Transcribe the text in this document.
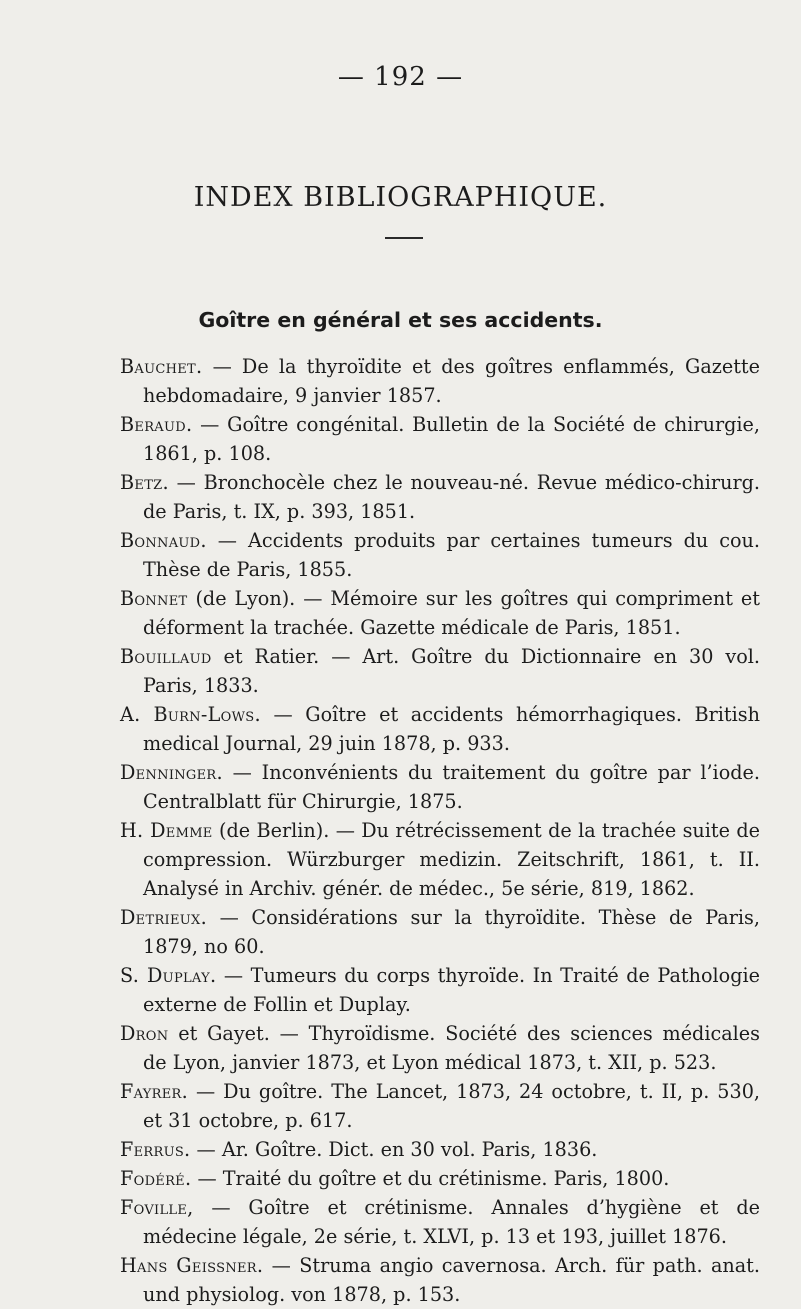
— 192 —
INDEX BIBLIOGRAPHIQUE.
Goître en général et ses accidents.
Bauchet. — De la thyroïdite et des goîtres enflammés, Gazette hebdomadaire, 9 janvier 1857.
Beraud. — Goître congénital. Bulletin de la Société de chirurgie, 1861, p. 108.
Betz. — Bronchocèle chez le nouveau-né. Revue médico-chirurg. de Paris, t. IX, p. 393, 1851.
Bonnaud. — Accidents produits par certaines tumeurs du cou. Thèse de Paris, 1855.
Bonnet (de Lyon). — Mémoire sur les goîtres qui compriment et déforment la trachée. Gazette médicale de Paris, 1851.
Bouillaud et Ratier. — Art. Goître du Dictionnaire en 30 vol. Paris, 1833.
A. Burn-Lows. — Goître et accidents hémorrhagiques. British medical Journal, 29 juin 1878, p. 933.
Denninger. — Inconvénients du traitement du goître par l’iode. Centralblatt für Chirurgie, 1875.
H. Demme (de Berlin). — Du rétrécissement de la trachée suite de compression. Würzburger medizin. Zeitschrift, 1861, t. II. Analysé in Archiv. génér. de médec., 5e série, 819, 1862.
Detrieux. — Considérations sur la thyroïdite. Thèse de Paris, 1879, no 60.
S. Duplay. — Tumeurs du corps thyroïde. In Traité de Pathologie externe de Follin et Duplay.
Dron et Gayet. — Thyroïdisme. Société des sciences médicales de Lyon, janvier 1873, et Lyon médical 1873, t. XII, p. 523.
Fayrer. — Du goître. The Lancet, 1873, 24 octobre, t. II, p. 530, et 31 octobre, p. 617.
Ferrus. — Ar. Goître. Dict. en 30 vol. Paris, 1836.
Fodéré. — Traité du goître et du crétinisme. Paris, 1800.
Foville, — Goître et crétinisme. Annales d’hygiène et de médecine légale, 2e série, t. XLVI, p. 13 et 193, juillet 1876.
Hans Geissner. — Struma angio cavernosa. Arch. für path. anat. und physiolog. von 1878, p. 153.
